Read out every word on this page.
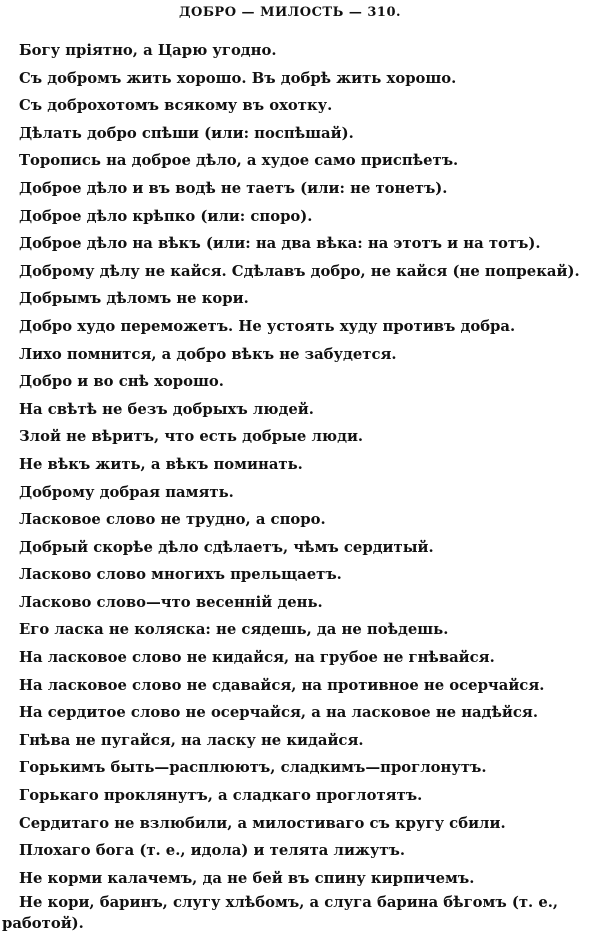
ДОБРО — МИЛОСТЬ — 310.
Богу прiятно, а Царю угодно.
Съ добромъ жить хорошо. Въ добрѣ жить хорошо.
Съ доброхотомъ всякому въ охотку.
Дѣлать добро спѣши (или: поспѣшай).
Торопись на доброе дѣло, а худое само приспѣетъ.
Доброе дѣло и въ водѣ не таетъ (или: не тонетъ).
Доброе дѣло крѣпко (или: споро).
Доброе дѣло на вѣкъ (или: на два вѣка: на этотъ и на тотъ).
Доброму дѣлу не кайся. Сдѣлавъ добро, не кайся (не попрекай).
Добрымъ дѣломъ не кори.
Добро худо переможетъ. Не устоять худу противъ добра.
Лихо помнится, а добро вѣкъ не забудется.
Добро и во снѣ хорошо.
На свѣтѣ не безъ добрыхъ людей.
Злой не вѣритъ, что есть добрые люди.
Не вѣкъ жить, а вѣкъ поминать.
Доброму добрая память.
Ласковое слово не трудно, а споро.
Добрый скорѣе дѣло сдѣлаетъ, чѣмъ сердитый.
Ласково слово многихъ прельщаетъ.
Ласково слово—что весеннiй день.
Его ласка не коляска: не сядешь, да не поѣдешь.
На ласковое слово не кидайся, на грубое не гнѣвайся.
На ласковое слово не сдавайся, на противное не осерчайся.
На сердитое слово не осерчайся, а на ласковое не надѣйся.
Гнѣва не пугайся, на ласку не кидайся.
Горькимъ быть—расплюютъ, сладкимъ—проглонутъ.
Горькаго проклянутъ, а сладкаго проглотятъ.
Сердитаго не взлюбили, а милостиваго съ кругу сбили.
Плохаго бога (т. е., идола) и телята лижутъ.
Не корми калачемъ, да не бей въ спину кирпичемъ.
Не кори, баринъ, слугу хлѣбомъ, а слуга барина бѣгомъ (т. е.,
работой).
